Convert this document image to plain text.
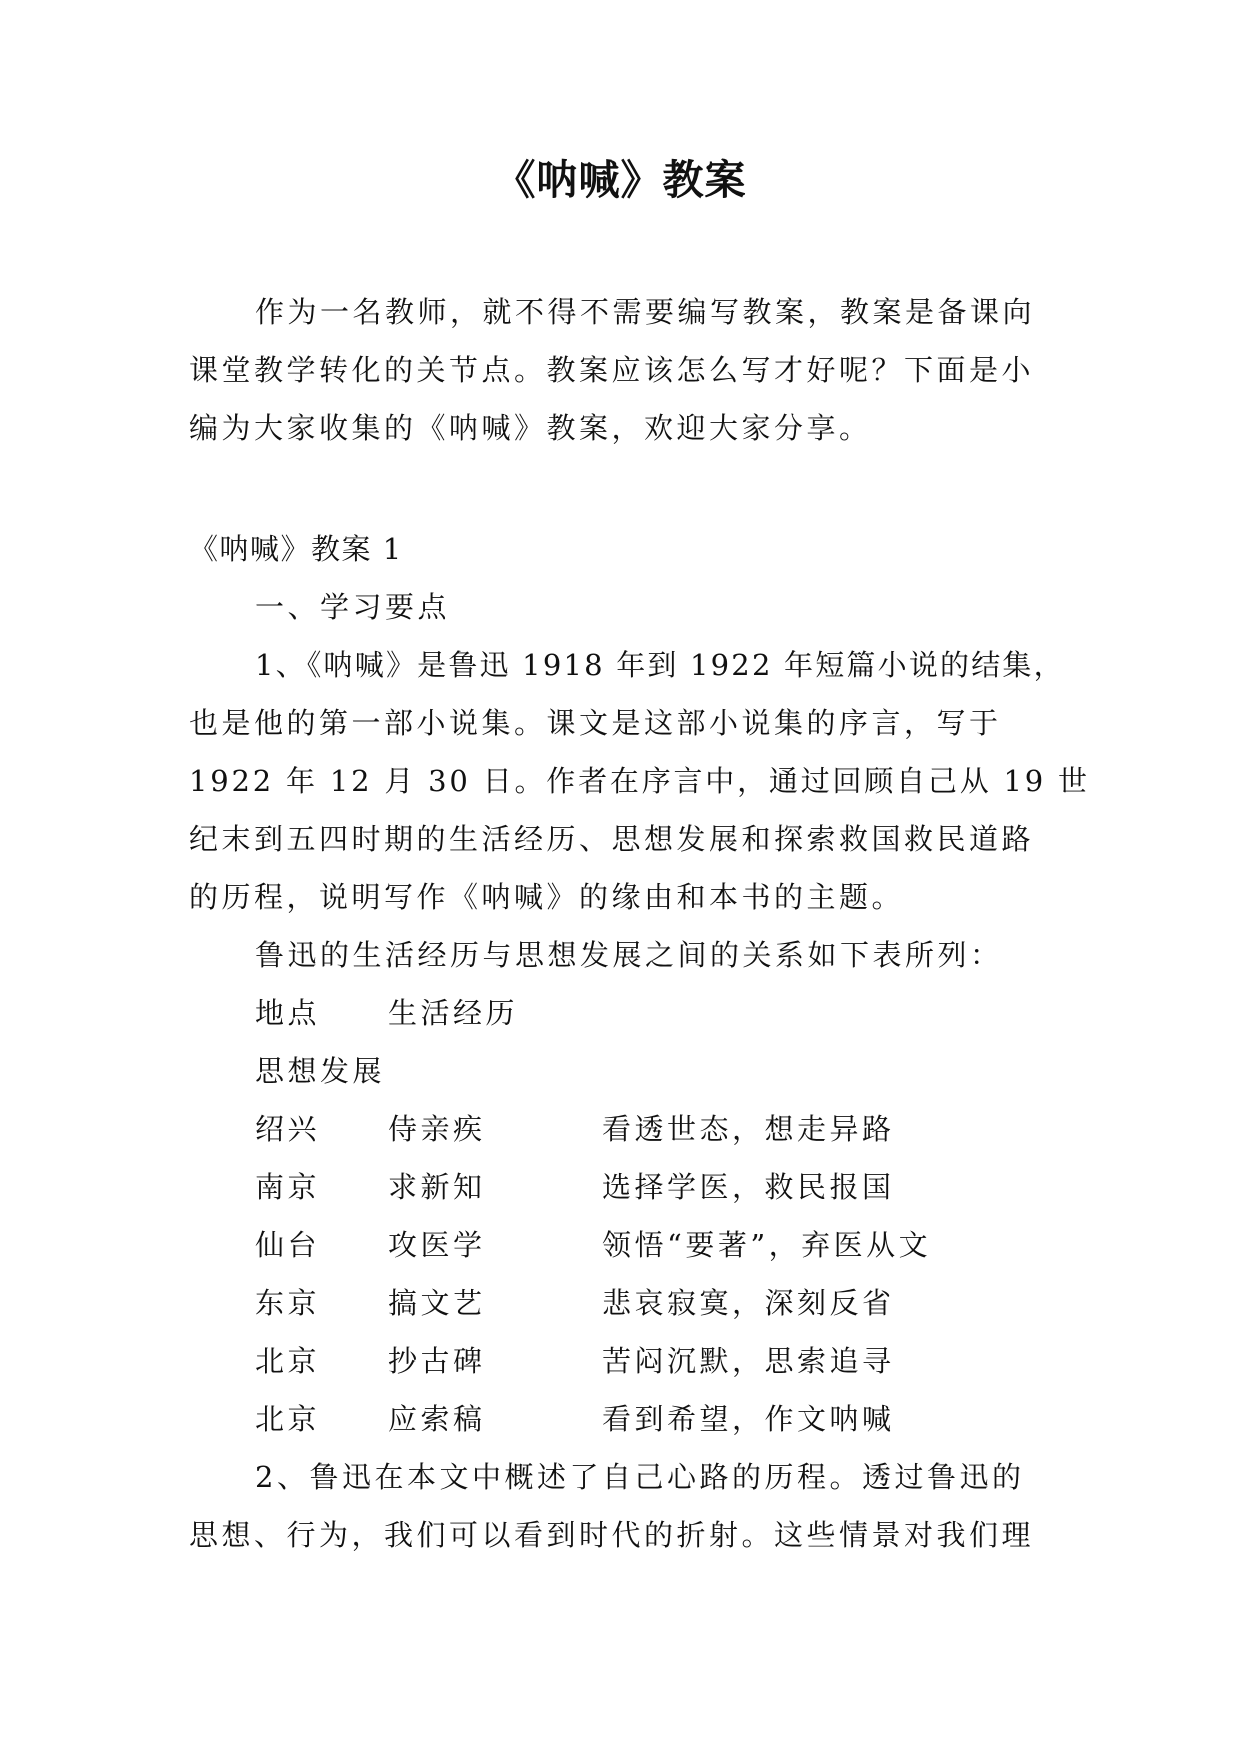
《呐喊》教案
作为一名教师，就不得不需要编写教案，教案是备课向
课堂教学转化的关节点。教案应该怎么写才好呢？下面是小
编为大家收集的《呐喊》教案，欢迎大家分享。
《呐喊》教案 1
一、学习要点
1、《呐喊》是鲁迅 1918 年到 1922 年短篇小说的结集，
也是他的第一部小说集。课文是这部小说集的序言，写于
1922 年 12 月 30 日。作者在序言中，通过回顾自己从 19 世
纪末到五四时期的生活经历、思想发展和探索救国救民道路
的历程，说明写作《呐喊》的缘由和本书的主题。
鲁迅的生活经历与思想发展之间的关系如下表所列：
地点 生活经历
思想发展
绍兴 侍亲疾	看透世态，想走异路
南京 求新知	选择学医，救民报国
仙台 攻医学	领悟“要著”，弃医从文
东京 搞文艺	悲哀寂寞，深刻反省
北京 抄古碑	苦闷沉默，思索追寻
北京 应索稿	看到希望，作文呐喊
2、鲁迅在本文中概述了自己心路的历程。透过鲁迅的
思想、行为，我们可以看到时代的折射。这些情景对我们理
